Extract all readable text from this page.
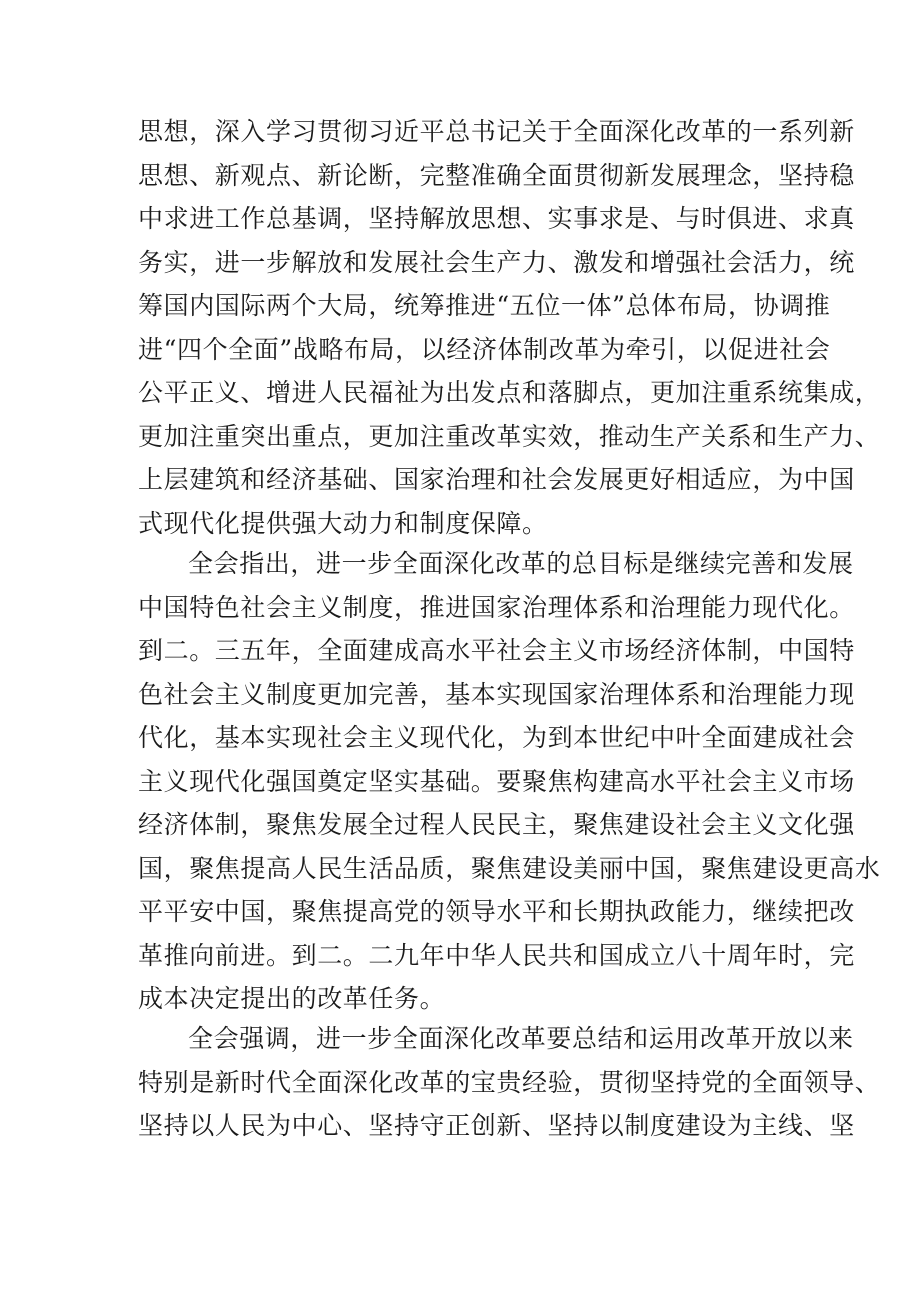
思想，深入学习贯彻习近平总书记关于全面深化改革的一系列新
思想、新观点、新论断，完整准确全面贯彻新发展理念，坚持稳
中求进工作总基调，坚持解放思想、实事求是、与时俱进、求真
务实，进一步解放和发展社会生产力、激发和增强社会活力，统
筹国内国际两个大局，统筹推进“五位一体”总体布局，协调推
进“四个全面”战略布局，以经济体制改革为牵引，以促进社会
公平正义、增进人民福祉为出发点和落脚点，更加注重系统集成，
更加注重突出重点，更加注重改革实效，推动生产关系和生产力、
上层建筑和经济基础、国家治理和社会发展更好相适应，为中国
式现代化提供强大动力和制度保障。
全会指出，进一步全面深化改革的总目标是继续完善和发展
中国特色社会主义制度，推进国家治理体系和治理能力现代化。
到二。三五年，全面建成高水平社会主义市场经济体制，中国特
色社会主义制度更加完善，基本实现国家治理体系和治理能力现
代化，基本实现社会主义现代化，为到本世纪中叶全面建成社会
主义现代化强国奠定坚实基础。要聚焦构建高水平社会主义市场
经济体制，聚焦发展全过程人民民主，聚焦建设社会主义文化强
国，聚焦提高人民生活品质，聚焦建设美丽中国，聚焦建设更高水
平平安中国，聚焦提高党的领导水平和长期执政能力，继续把改
革推向前进。到二。二九年中华人民共和国成立八十周年时，完
成本决定提出的改革任务。
全会强调，进一步全面深化改革要总结和运用改革开放以来
特别是新时代全面深化改革的宝贵经验，贯彻坚持党的全面领导、
坚持以人民为中心、坚持守正创新、坚持以制度建设为主线、坚
